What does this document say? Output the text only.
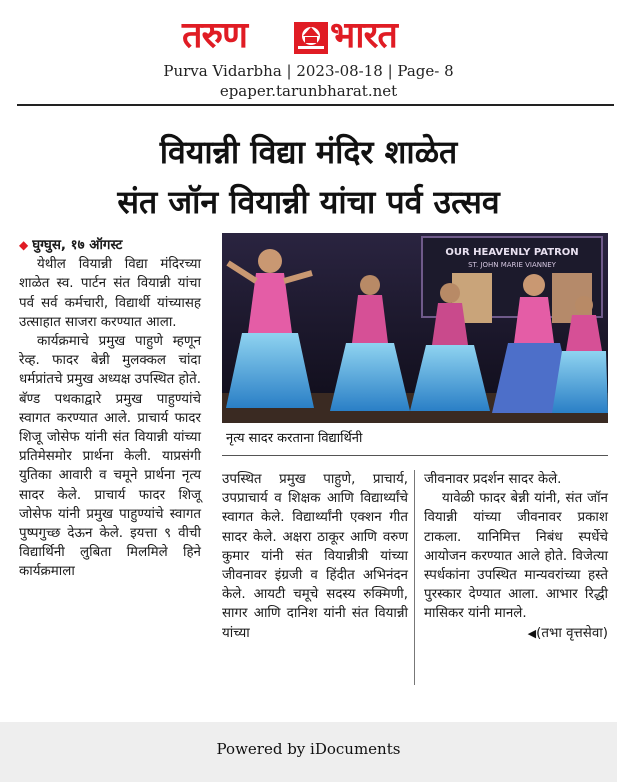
तरुण भारत
Purva Vidarbha | 2023-08-18 | Page- 8
epaper.tarunbharat.net
वियान्नी विद्या मंदिर शाळेत
संत जॉन वियान्नी यांचा पर्व उत्सव

◆ घुग्घुस, १७ ऑगस्ट

येथील वियान्नी विद्या मंदिरच्या शाळेत स्व. पार्टन संत वियान्नी यांचा पर्व सर्व कर्मचारी, विद्यार्थी यांच्यासह उत्साहात साजरा करण्यात आला.

कार्यक्रमाचे प्रमुख पाहुणे म्हणून रेव्ह. फादर बेन्नी मुलक्कल चांदा धर्मप्रांतचे प्रमुख अध्यक्ष उपस्थित होते. बॅण्ड पथकाद्वारे प्रमुख पाहुण्यांचे स्वागत करण्यात आले. प्राचार्य फादर शिजू जोसेफ यांनी संत वियान्नी यांच्या प्रतिमेसमोर प्रार्थना केली. याप्रसंगी युतिका आवारी व चमूने प्रार्थना नृत्य सादर केले. प्राचार्य फादर शिजू जोसेफ यांनी प्रमुख पाहुण्यांचे स्वागत पुष्पगुच्छ देऊन केले. इयत्ता ९ वीची विद्यार्थिनी लुबिता मिलमिले हिने कार्यक्रमाला

OUR HEAVENLY PATRON
ST. JOHN MARIE VIANNEY
नृत्य सादर करताना विद्यार्थिनी

उपस्थित प्रमुख पाहुणे, प्राचार्य, उपप्राचार्य व शिक्षक आणि विद्यार्थ्यांचे स्वागत केले. विद्यार्थ्यांनी एक्शन गीत सादर केले. अक्षरा ठाकूर आणि वरुण कुमार यांनी संत वियान्नीत्री यांच्या जीवनावर इंग्रजी व हिंदीत अभिनंदन केले. आयटी चमूचे सदस्य रुक्मिणी, सागर आणि दानिश यांनी संत वियान्नी यांच्या

जीवनावर प्रदर्शन सादर केले.

यावेळी फादर बेन्नी यांनी, संत जॉन वियान्नी यांच्या जीवनावर प्रकाश टाकला. यानिमित्त निबंध स्पर्धेचे आयोजन करण्यात आले होते. विजेत्या स्पर्धकांना उपस्थित मान्यवरांच्या हस्ते पुरस्कार देण्यात आला. आभार रिद्धी मासिकर यांनी मानले.

◀(तभा वृत्तसेवा)

Powered by iDocuments
